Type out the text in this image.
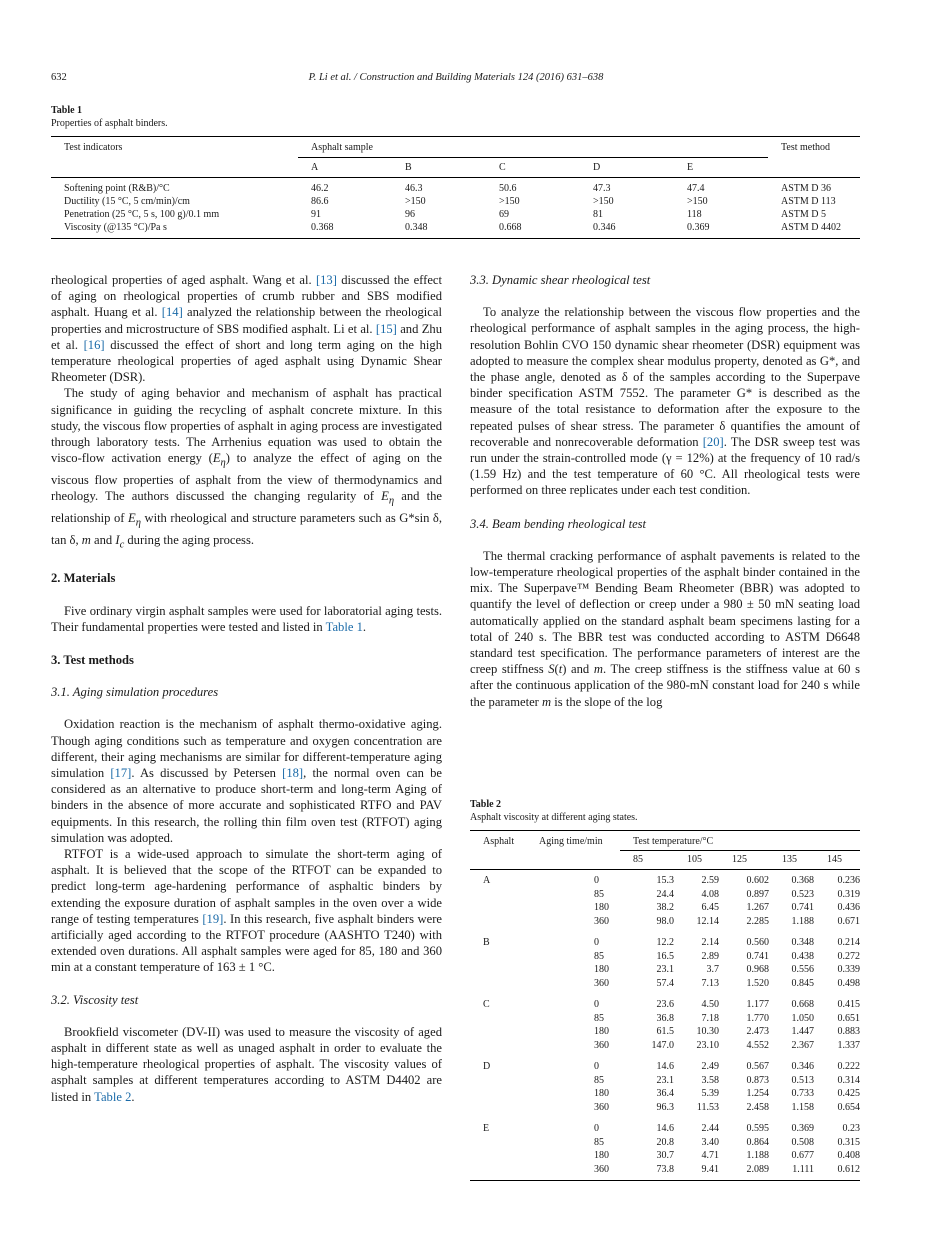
632	P. Li et al. / Construction and Building Materials 124 (2016) 631–638
Table 1
Properties of asphalt binders.
Test indicators	Asphalt sample					Test method
	A	B	C	D	E	
Softening point (R&B)/°C	46.2	46.3	50.6	47.3	47.4	ASTM D 36
Ductility (15 °C, 5 cm/min)/cm	86.6	>150	>150	>150	>150	ASTM D 113
Penetration (25 °C, 5 s, 100 g)/0.1 mm	91	96	69	81	118	ASTM D 5
Viscosity (@135 °C)/Pa s	0.368	0.348	0.668	0.346	0.369	ASTM D 4402

rheological properties of aged asphalt. Wang et al. [13] discussed the effect of aging on rheological properties of crumb rubber and SBS modified asphalt. Huang et al. [14] analyzed the relationship between the rheological properties and microstructure of SBS modified asphalt. Li et al. [15] and Zhu et al. [16] discussed the effect of short and long term aging on the high temperature rheological properties of aged asphalt using Dynamic Shear Rheometer (DSR).

The study of aging behavior and mechanism of asphalt has practical significance in guiding the recycling of asphalt concrete mixture. In this study, the viscous flow properties of asphalt in aging process are investigated through laboratory tests. The Arrhenius equation was used to obtain the visco-flow activation energy $(E_\eta)$ to analyze the effect of aging on the viscous flow properties of asphalt from the view of thermodynamics and rheology. The authors discussed the changing regularity of $E_\eta$ and the relationship of $E_\eta$ with rheological and structure parameters such as G*sin δ, tan δ, m and $I_c$ during the aging process.

2. Materials

Five ordinary virgin asphalt samples were used for laboratorial aging tests. Their fundamental properties were tested and listed in Table 1.

3. Test methods
3.1. Aging simulation procedures

Oxidation reaction is the mechanism of asphalt thermo-oxidative aging. Though aging conditions such as temperature and oxygen concentration are different, their aging mechanisms are similar for different-temperature aging simulation [17]. As discussed by Petersen [18], the normal oven can be considered as an alternative to produce short-term and long-term Aging of binders in the absence of more accurate and sophisticated RTFO and PAV equipments. In this research, the rolling thin film oven test (RTFOT) aging simulation was adopted.

RTFOT is a wide-used approach to simulate the short-term aging of asphalt. It is believed that the scope of the RTFOT can be expanded to predict long-term age-hardening performance of asphaltic binders by extending the exposure duration of asphalt samples in the oven over a wide range of testing temperatures [19]. In this research, five asphalt binders were artificially aged according to the RTFOT procedure (AASHTO T240) with extended oven durations. All asphalt samples were aged for 85, 180 and 360 min at a constant temperature of 163 ± 1 °C.

3.2. Viscosity test

Brookfield viscometer (DV-II) was used to measure the viscosity of aged asphalt in different state as well as unaged asphalt in order to evaluate the high-temperature rheological properties of asphalt. The viscosity values of asphalt samples at different temperatures according to ASTM D4402 are listed in Table 2.

3.3. Dynamic shear rheological test

To analyze the relationship between the viscous flow properties and the rheological performance of asphalt samples in the aging process, the high-resolution Bohlin CVO 150 dynamic shear rheometer (DSR) equipment was adopted to measure the complex shear modulus property, denoted as G*, and the phase angle, denoted as δ of the samples according to the Superpave binder specification ASTM 7552. The parameter G* is described as the measure of the total resistance to deformation after the exposure to the repeated pulses of shear stress. The parameter δ quantifies the amount of recoverable and nonrecoverable deformation [20]. The DSR sweep test was run under the strain-controlled mode (γ = 12%) at the frequency of 10 rad/s (1.59 Hz) and the test temperature of 60 °C. All rheological tests were performed on three replicates under each test condition.

3.4. Beam bending rheological test

The thermal cracking performance of asphalt pavements is related to the low-temperature rheological properties of the asphalt binder contained in the mix. The Superpave™ Bending Beam Rheometer (BBR) was adopted to quantify the level of deflection or creep under a 980 ± 50 mN seating load automatically applied on the standard asphalt beam specimens lasting for a total of 240 s. The BBR test was conducted according to ASTM D6648 standard test specification. The performance parameters of interest are the creep stiffness S(t) and m. The creep stiffness is the stiffness value at 60 s after the continuous application of the 980-mN constant load for 240 s while the parameter m is the slope of the log

Table 2
Asphalt viscosity at different aging states.
Asphalt	Aging time/min	Test temperature/°C				
		85	105	125	135	145
A	0	15.3	2.59	0.602	0.368	0.236
	85	24.4	4.08	0.897	0.523	0.319
	180	38.2	6.45	1.267	0.741	0.436
	360	98.0	12.14	2.285	1.188	0.671
B	0	12.2	2.14	0.560	0.348	0.214
	85	16.5	2.89	0.741	0.438	0.272
	180	23.1	3.7	0.968	0.556	0.339
	360	57.4	7.13	1.520	0.845	0.498
C	0	23.6	4.50	1.177	0.668	0.415
	85	36.8	7.18	1.770	1.050	0.651
	180	61.5	10.30	2.473	1.447	0.883
	360	147.0	23.10	4.552	2.367	1.337
D	0	14.6	2.49	0.567	0.346	0.222
	85	23.1	3.58	0.873	0.513	0.314
	180	36.4	5.39	1.254	0.733	0.425
	360	96.3	11.53	2.458	1.158	0.654
E	0	14.6	2.44	0.595	0.369	0.23
	85	20.8	3.40	0.864	0.508	0.315
	180	30.7	4.71	1.188	0.677	0.408
	360	73.8	9.41	2.089	1.111	0.612
